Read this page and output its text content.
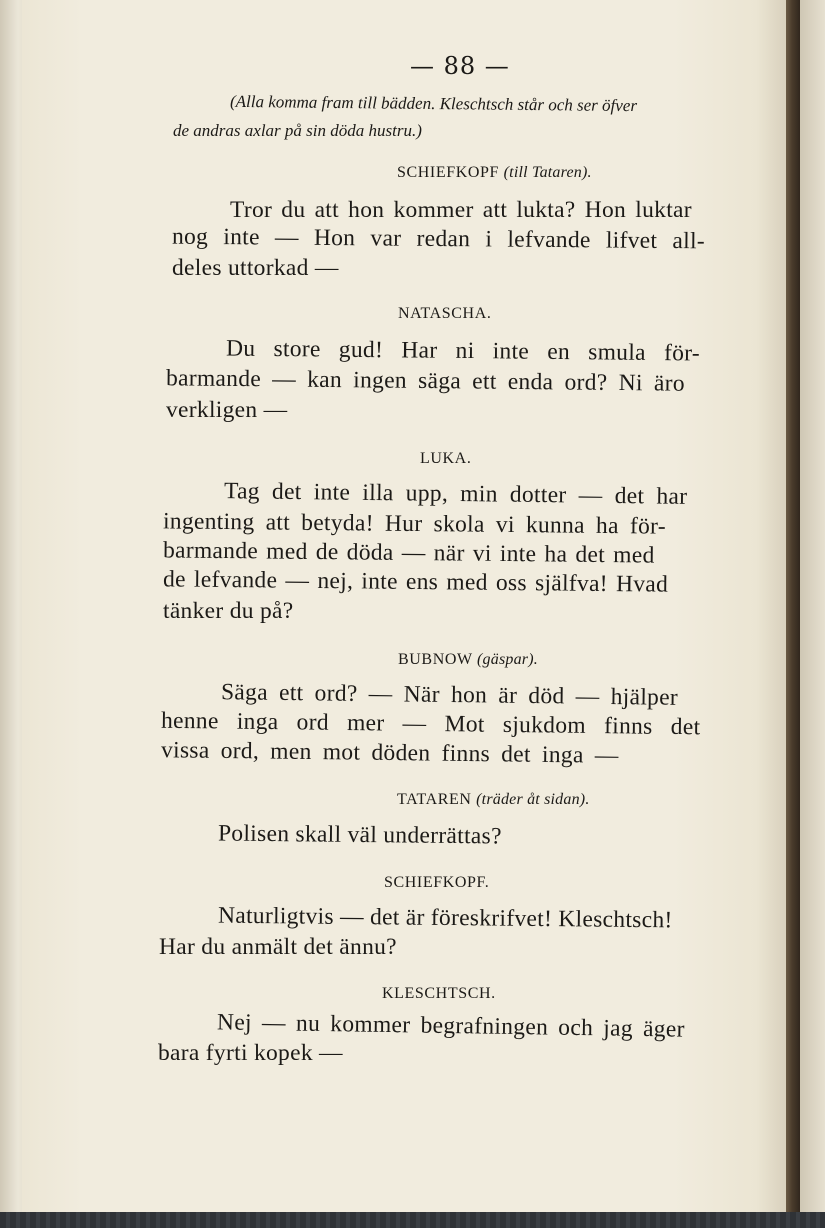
— 88 —
(Alla komma fram till bädden. Kleschtsch står och ser öfver
de andras axlar på sin döda hustru.)
SCHIEFKOPF (till Tataren).
Tror du att hon kommer att lukta? Hon luktar
nog inte — Hon var redan i lefvande lifvet all-
deles uttorkad —
NATASCHA.
Du store gud! Har ni inte en smula för-
barmande — kan ingen säga ett enda ord? Ni äro
verkligen —
LUKA.
Tag det inte illa upp, min dotter — det har
ingenting att betyda! Hur skola vi kunna ha för-
barmande med de döda — när vi inte ha det med
de lefvande — nej, inte ens med oss själfva! Hvad
tänker du på?
BUBNOW (gäspar).
Säga ett ord? — När hon är död — hjälper
henne inga ord mer — Mot sjukdom finns det
vissa ord, men mot döden finns det inga —
TATAREN (träder åt sidan).
Polisen skall väl underrättas?
SCHIEFKOPF.
Naturligtvis — det är föreskrifvet! Kleschtsch!
Har du anmält det ännu?
KLESCHTSCH.
Nej — nu kommer begrafningen och jag äger
bara fyrti kopek —
